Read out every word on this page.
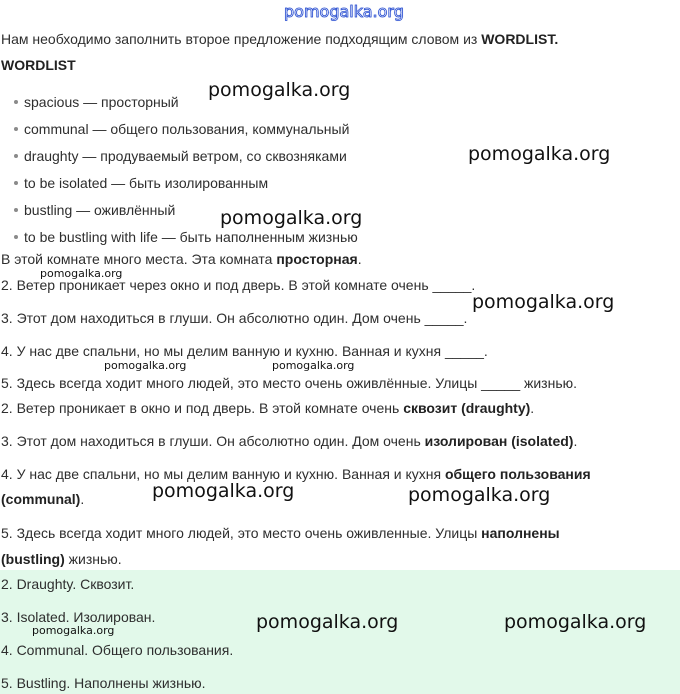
pomogalka.org
Нам необходимо заполнить второе предложение подходящим словом из WORDLIST.
WORDLIST
spacious — просторный
communal — общего пользования, коммунальный
draughty — продуваемый ветром, со сквозняками
to be isolated — быть изолированным
bustling — оживлённый
to be bustling with life — быть наполненным жизнью
В этой комнате много места. Эта комната просторная.
2. Ветер проникает через окно и под дверь. В этой комнате очень _____.
3. Этот дом находиться в глуши. Он абсолютно один. Дом очень _____.
4. У нас две спальни, но мы делим ванную и кухню. Ванная и кухня _____.
5. Здесь всегда ходит много людей, это место очень оживлённые. Улицы _____ жизнью.
2. Ветер проникает в окно и под дверь. В этой комнате очень сквозит (draughty).
3. Этот дом находиться в глуши. Он абсолютно один. Дом очень изолирован (isolated).
4. У нас две спальни, но мы делим ванную и кухню. Ванная и кухня общего пользования
(communal).
5. Здесь всегда ходит много людей, это место очень оживленные. Улицы наполнены
(bustling) жизнью.
2. Draughty. Сквозит.
3. Isolated. Изолирован.
4. Communal. Общего пользования.
5. Bustling. Наполнены жизнью.
pomogalka.org
pomogalka.org
pomogalka.org
pomogalka.org
pomogalka.org
pomogalka.org	pomogalka.org
pomogalka.org	pomogalka.org
pomogalka.org	pomogalka.org
pomogalka.org
